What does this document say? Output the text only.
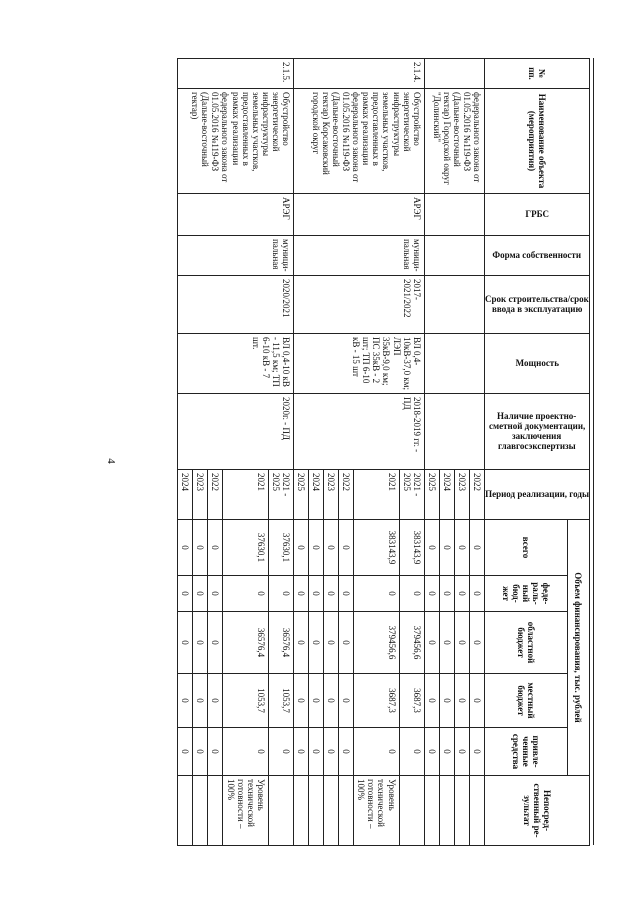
4
№ пп.	Наименование объекта (мероприятия)	ГРБС	Форма собственности	Срок строительства/срок ввода в эксплуатацию	Мощность	Наличие проектно-сметной документации, заключения главгосэкспертизы	Период реализации, годы	Объем финансирования, тыс. рублей					Непосред-ственный ре-зультат
								всего	феде-раль-ный бюд-жет	областной бюджет	местный бюджет	привле-ченные средства	
	федерального закона от 01.05.2016 №119-ФЗ (Дальне-восточный гектар) Городской округ "Долинский"						2022	0	0	0	0	0	
							2023	0	0	0	0	0	
							2024	0	0	0	0	0	
							2025	0	0	0	0	0	
2.1.4.	Обустройство энергетической инфраструктуры земельных участков, предоставленных в рамках реализации федерального закона от 01.05.2016 №119-ФЗ (Дальне-восточный гектар) Корсаковский городской округ	АРЭГ	муници-пальная	2017-2021/2022	ВЛ 0,4-10кВ-37,0 км; ЛЭП 35кВ-9,0 км; ПС 35кВ - 2 шт; ТП 6-10 кВ - 15 шт	2018-2019 гг. - ПД	2021 - 2025	383143,9	0	379456,6	3687,3	0	
							2021	383143,9	0	379456,6	3687,3	0	Уровень технической готовности – 100%
							2022	0	0	0	0	0	
							2023	0	0	0	0	0	
							2024	0	0	0	0	0	
							2025	0	0	0	0	0	
2.1.5.	Обустройство энергетической инфраструктуры земельных участков, предоставленных в рамках реализации федерального закона от 01.05.2016 №119-ФЗ (Дальне-восточный гектар)	АРЭГ	муници-пальная	2020/2021	ВЛ 0,4-10 кВ - 11,5 км; ТП 6-10 кВ - 7 шт.	2020г. - ПД	2021 - 2025	37630,1	0	36576,4	1053,7	0	
							2021	37630,1	0	36576,4	1053,7	0	Уровень технической готовности – 100%
							2022	0	0	0	0	0	
							2023	0	0	0	0	0	
							2024	0	0	0	0	0	
